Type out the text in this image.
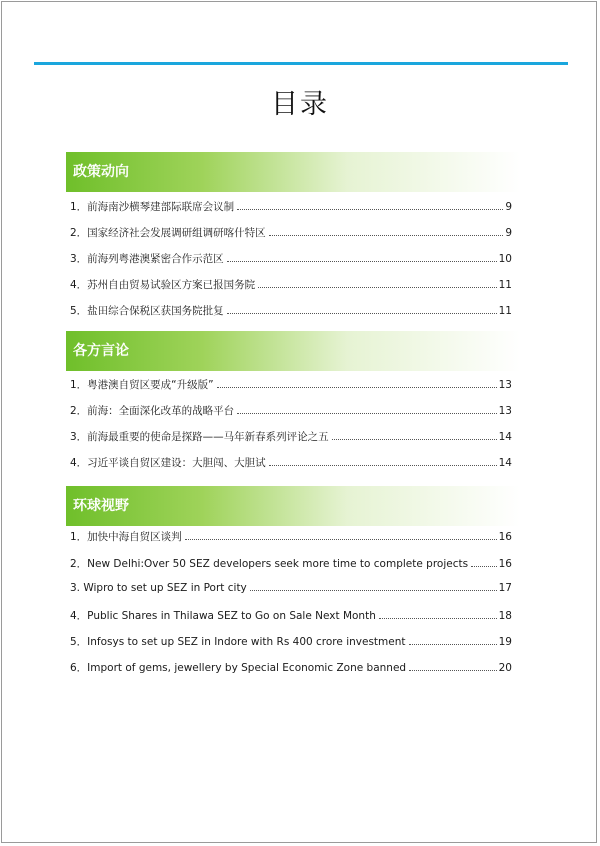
目录
政策动向
1．前海南沙横琴建部际联席会议制	9
2．国家经济社会发展调研组调研喀什特区	9
3．前海列粤港澳紧密合作示范区	10
4．苏州自由贸易试验区方案已报国务院	11
5．盐田综合保税区获国务院批复	11
各方言论
1．粤港澳自贸区要成“升级版”	13
2．前海：全面深化改革的战略平台	13
3．前海最重要的使命是探路——马年新春系列评论之五	14
4．习近平谈自贸区建设：大胆闯、大胆试	14
环球视野
1．加快中海自贸区谈判	16
2．New Delhi:Over 50 SEZ developers seek more time to complete projects	16
3. Wipro to set up SEZ in Port city	17
4．Public Shares in Thilawa SEZ to Go on Sale Next Month	18
5．Infosys to set up SEZ in Indore with Rs 400 crore investment	19
6．Import of gems, jewellery by Special Economic Zone banned	20
